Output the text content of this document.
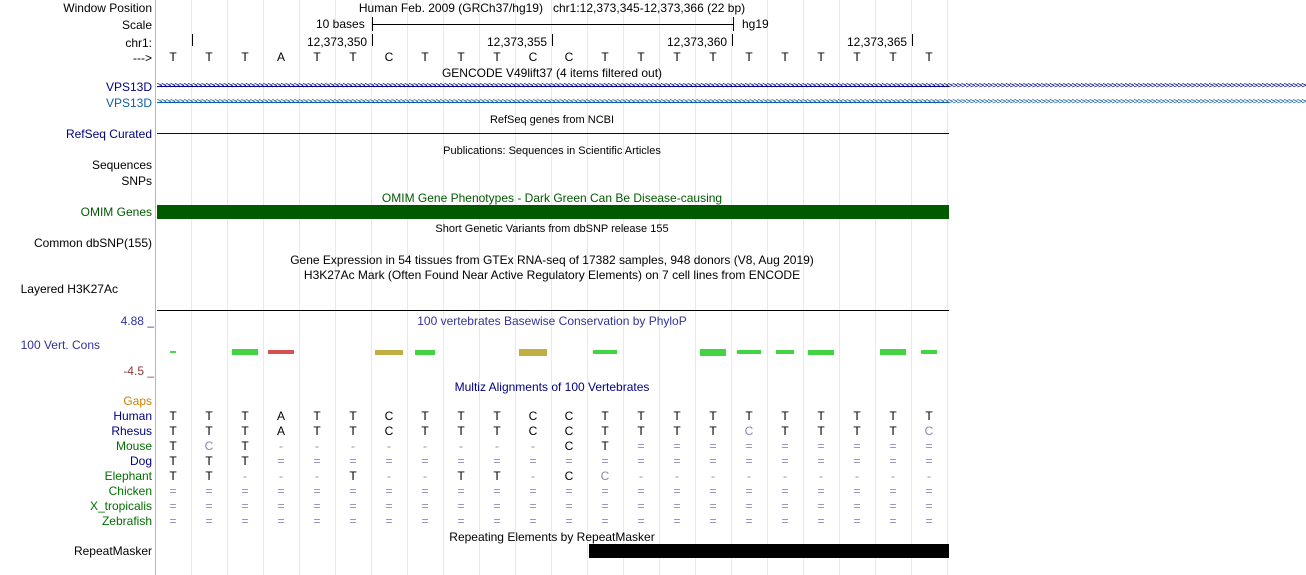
Window Position	Human Feb. 2009 (GRCh37/hg19)   chr1:12,373,345-12,373,366 (22 bp)
Scale	10 bases	hg19
chr1:	12,373,350	12,373,355	12,373,360	12,373,365
---> T T T A T T C T T T C C T T T T T T T T T T
GENCODE V49lift37 (4 items filtered out)
VPS13D >>>>>>>>>>>>>>>>>>>>>>>>>>>>>>>>>>>>>>>>>>>>>>>>>>>>>>>>>>>>>>>>>>>>>>>>>>>>>>>>>>>>>>>>>>>>>>>>>>>>>>>>>>>>>>>>>>>>>>>>>>>>>>>>>>>>>>>>>>>>>>>>>>>>>>>>>>>>>>>>>>>>>>>>>>>>>>>>>>>>>>>>>>>>>>>>>>>>>>>>>>>>>>>>>>>>>>>>>>>>>>>>>>>>>>>>>>>>>>>>>>>>>>>>>>>>>>>>>>>>
VPS13D >>>>>>>>>>>>>>>>>>>>>>>>>>>>>>>>>>>>>>>>>>>>>>>>>>>>>>>>>>>>>>>>>>>>>>>>>>>>>>>>>>>>>>>>>>>>>>>>>>>>>>>>>>>>>>>>>>>>>>>>>>>>>>>>>>>>>>>>>>>>>>>>>>>>>>>>>>>>>>>>>>>>>>>>>>>>>>>>>>>>>>>>>>>>>>>>>>>>>>>>>>>>>>>>>>>>>>>>>>>>>>>>>>>>>>>>>>>>>>>>>>>>>>>>>>>>>>>>>>>>
RefSeq genes from NCBI
RefSeq Curated
Publications: Sequences in Scientific Articles
Sequences
SNPs
OMIM Gene Phenotypes - Dark Green Can Be Disease-causing
OMIM Genes
Short Genetic Variants from dbSNP release 155
Common dbSNP(155)
Gene Expression in 54 tissues from GTEx RNA-seq of 17382 samples, 948 donors (V8, Aug 2019)
H3K27Ac Mark (Often Found Near Active Regulatory Elements) on 7 cell lines from ENCODE
Layered H3K27Ac
100 vertebrates Basewise Conservation by PhyloP
4.88 _
100 Vert. Cons
-4.5 _
Multiz Alignments of 100 Vertebrates
Gaps
Human T T T A T T C T T T C C T T T T T T T T T T
Rhesus T T T A T T C T T T C C T T T T C T T T T C
Mouse T C T	-	-	-	-	-	-	-	-	C T = = = = = = = = =
Dog T T T = = = = = = = = = = = = = = = = = = =
Elephant T T	-	-	-	T	-	-	T T	-	C C	-	-	-	-	-	-	-	-	-
Chicken = = = = = = = = = = = = = = = = = = = = = =
X_tropicalis = = = = = = = = = = = = = = = = = = = = = =
Zebrafish = = = = = = = = = = = = = = = = = = = = = =
Repeating Elements by RepeatMasker
RepeatMasker
